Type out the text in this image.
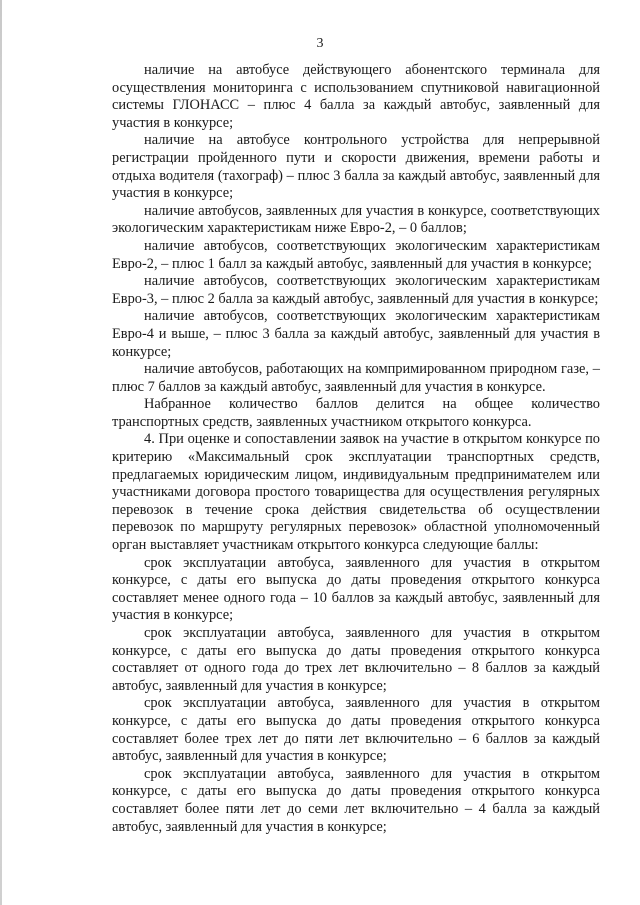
3

наличие на автобусе действующего абонентского терминала для осуществления мониторинга с использованием спутниковой навигационной системы ГЛОНАСС – плюс 4 балла за каждый автобус, заявленный для участия в конкурсе;

наличие на автобусе контрольного устройства для непрерывной регистрации пройденного пути и скорости движения, времени работы и отдыха водителя (тахограф) – плюс 3 балла за каждый автобус, заявленный для участия в конкурсе;

наличие автобусов, заявленных для участия в конкурсе, соответствующих экологическим характеристикам ниже Евро-2, – 0 баллов;

наличие автобусов, соответствующих экологическим характеристикам Евро-2, – плюс 1 балл за каждый автобус, заявленный для участия в конкурсе;

наличие автобусов, соответствующих экологическим характеристикам Евро-3, – плюс 2 балла за каждый автобус, заявленный для участия в конкурсе;

наличие автобусов, соответствующих экологическим характеристикам Евро-4 и выше, – плюс 3 балла за каждый автобус, заявленный для участия в конкурсе;

наличие автобусов, работающих на компримированном природном газе, – плюс 7 баллов за каждый автобус, заявленный для участия в конкурсе.

Набранное количество баллов делится на общее количество транспортных средств, заявленных участником открытого конкурса.

4. При оценке и сопоставлении заявок на участие в открытом конкурсе по критерию «Максимальный срок эксплуатации транспортных средств, предлагаемых юридическим лицом, индивидуальным предпринимателем или участниками договора простого товарищества для осуществления регулярных перевозок в течение срока действия свидетельства об осуществлении перевозок по маршруту регулярных перевозок» областной уполномоченный орган выставляет участникам открытого конкурса следующие баллы:

срок эксплуатации автобуса, заявленного для участия в открытом конкурсе, с даты его выпуска до даты проведения открытого конкурса составляет менее одного года – 10 баллов за каждый автобус, заявленный для участия в конкурсе;

срок эксплуатации автобуса, заявленного для участия в открытом конкурсе, с даты его выпуска до даты проведения открытого конкурса составляет от одного года до трех лет включительно – 8 баллов за каждый автобус, заявленный для участия в конкурсе;

срок эксплуатации автобуса, заявленного для участия в открытом конкурсе, с даты его выпуска до даты проведения открытого конкурса составляет более трех лет до пяти лет включительно – 6 баллов за каждый автобус, заявленный для участия в конкурсе;

срок эксплуатации автобуса, заявленного для участия в открытом конкурсе, с даты его выпуска до даты проведения открытого конкурса составляет более пяти лет до семи лет включительно – 4 балла за каждый автобус, заявленный для участия в конкурсе;
